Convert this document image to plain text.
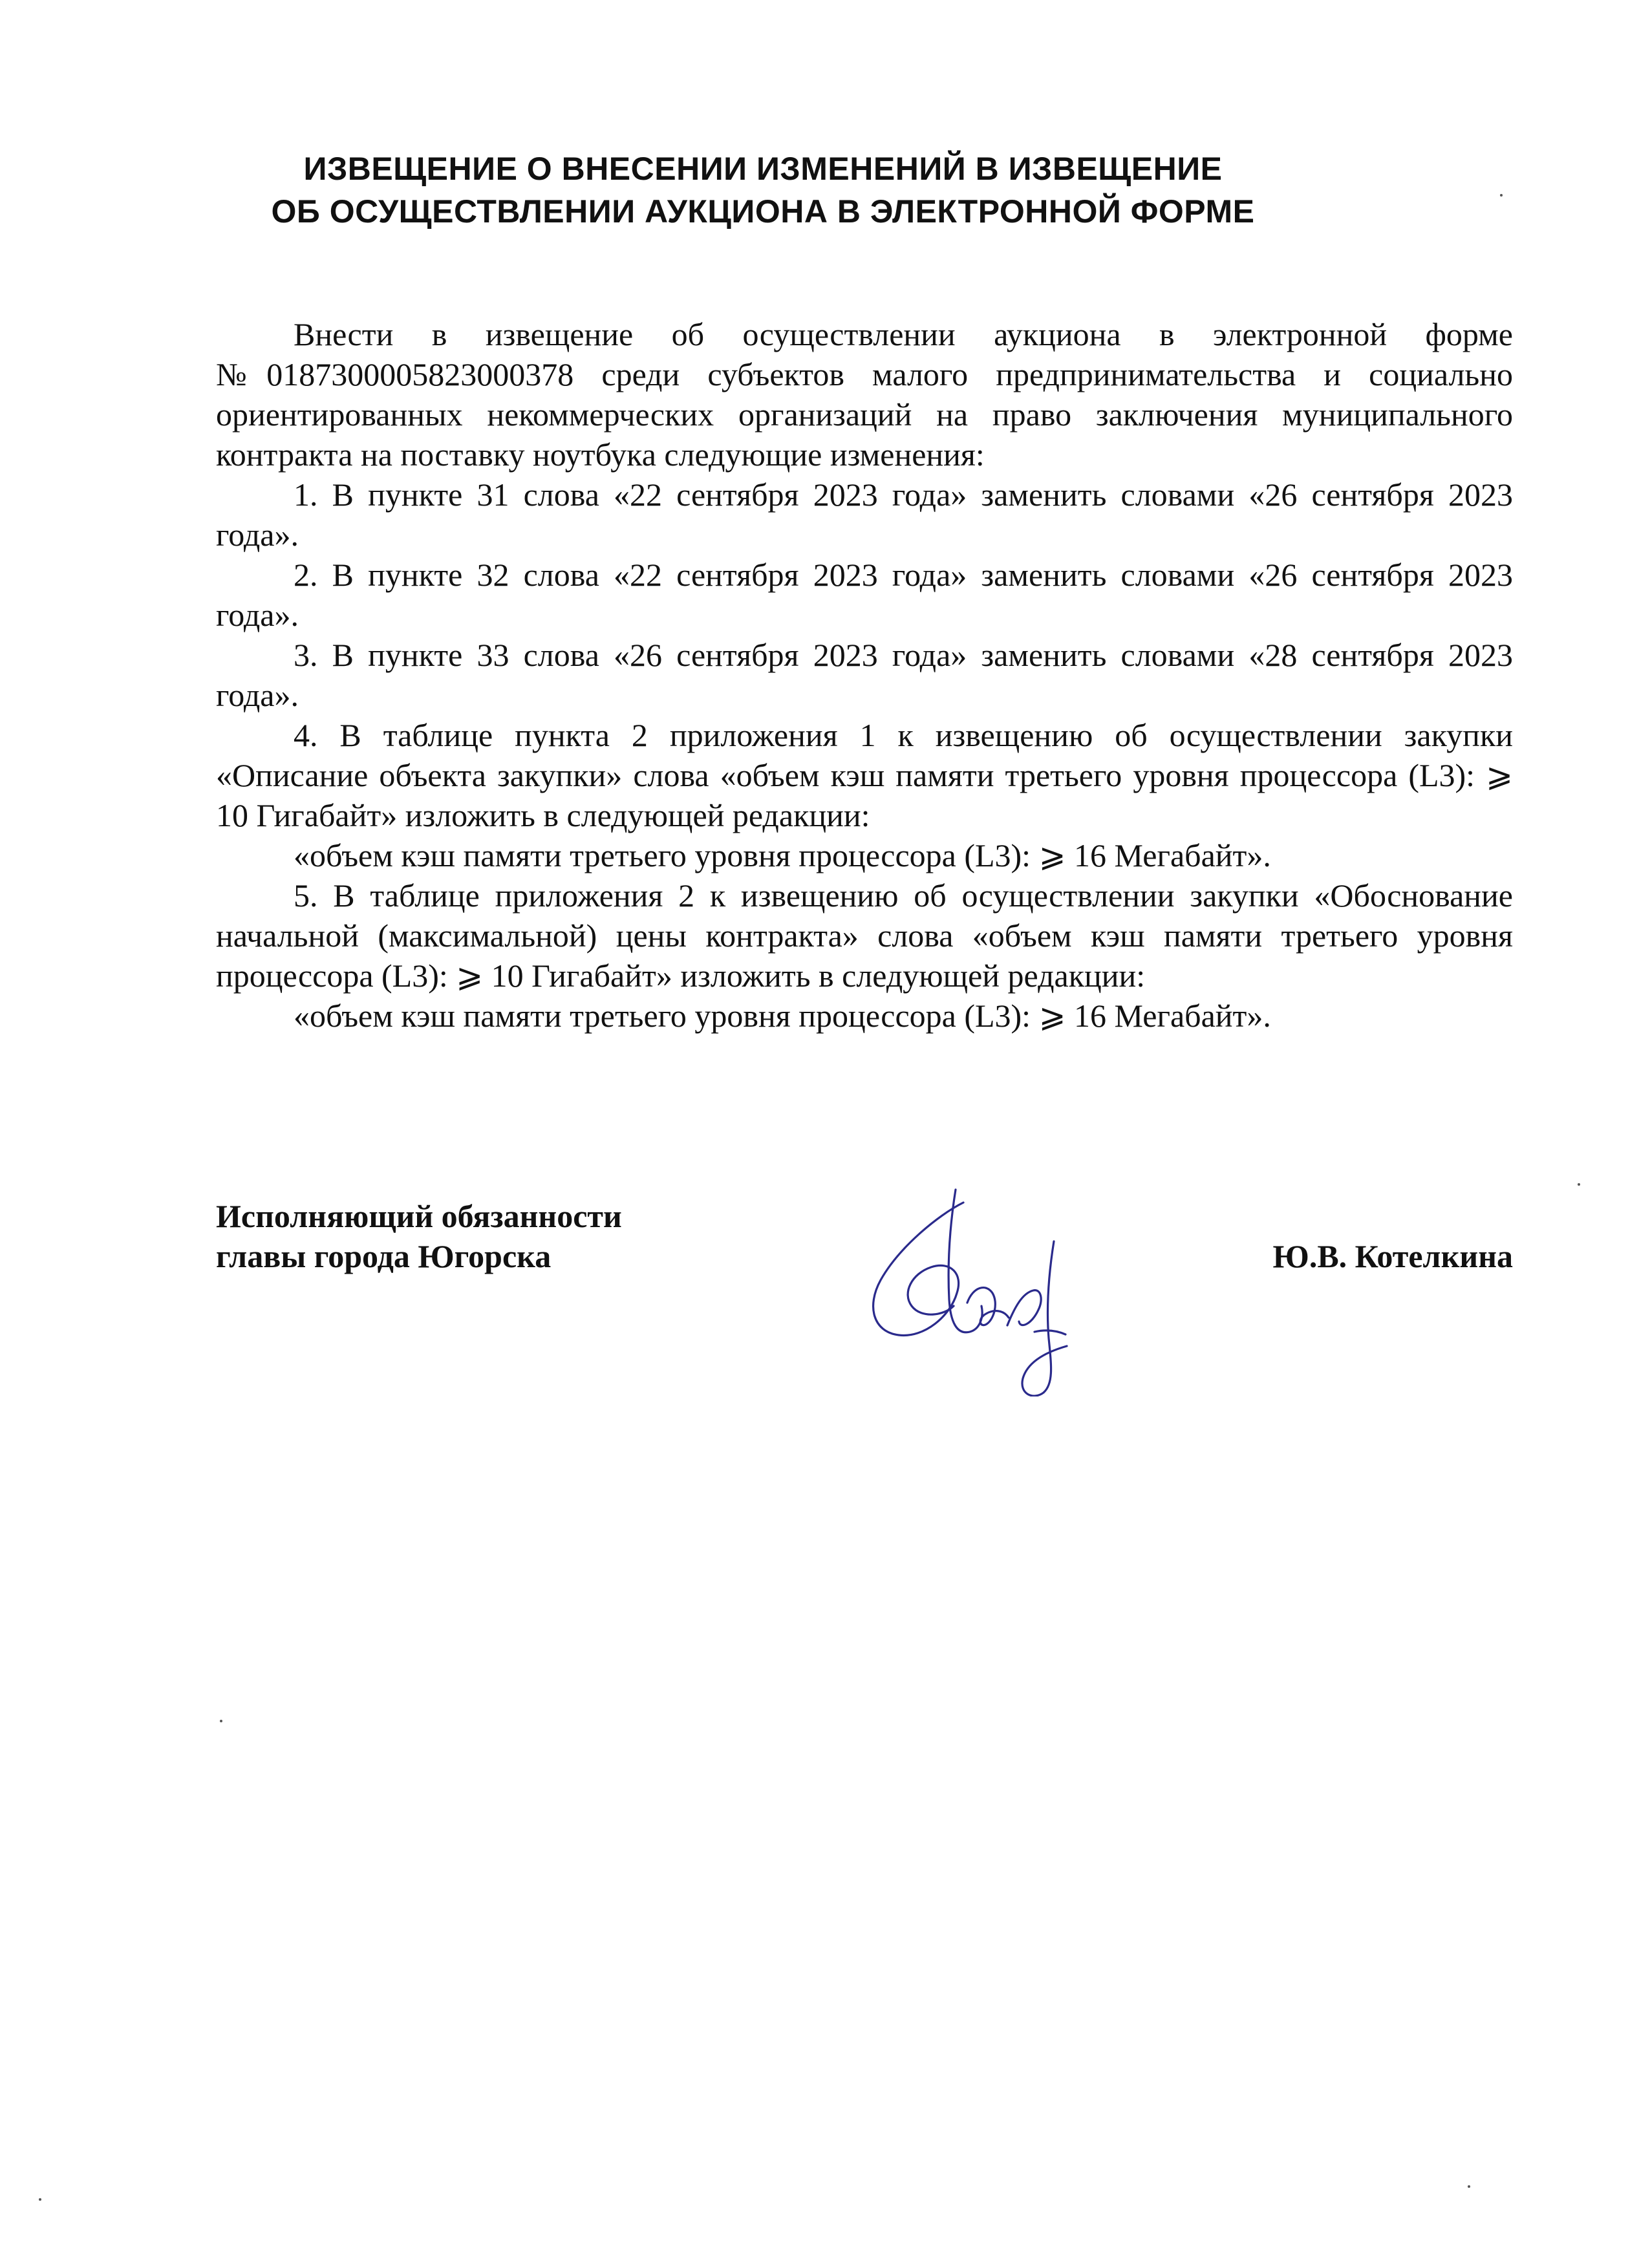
ИЗВЕЩЕНИЕ О ВНЕСЕНИИ ИЗМЕНЕНИЙ В ИЗВЕЩЕНИЕ
ОБ ОСУЩЕСТВЛЕНИИ АУКЦИОНА В ЭЛЕКТРОННОЙ ФОРМЕ

Внести в извещение об осуществлении аукциона в электронной форме №0187300005823000378 среди субъектов малого предпринимательства и социально ориентированных некоммерческих организаций на право заключения муниципального контракта на поставку ноутбука следующие изменения:

1. В пункте 31 слова «22 сентября 2023 года» заменить словами «26 сентября 2023 года».

2. В пункте 32 слова «22 сентября 2023 года» заменить словами «26 сентября 2023 года».

3. В пункте 33 слова «26 сентября 2023 года» заменить словами «28 сентября 2023 года».

4. В таблице пункта 2 приложения 1 к извещению об осуществлении закупки «Описание объекта закупки» слова «объем кэш памяти третьего уровня процессора (L3): ⩾ 10 Гигабайт» изложить в следующей редакции:

«объем кэш памяти третьего уровня процессора (L3): ⩾ 16 Мегабайт».

5. В таблице приложения 2 к извещению об осуществлении закупки «Обоснование начальной (максимальной) цены контракта» слова «объем кэш памяти третьего уровня процессора (L3): ⩾ 10 Гигабайт» изложить в следующей редакции:

«объем кэш памяти третьего уровня процессора (L3): ⩾ 16 Мегабайт».

Исполняющий обязанности
главы города Югорска	Ю.В. Котелкина
